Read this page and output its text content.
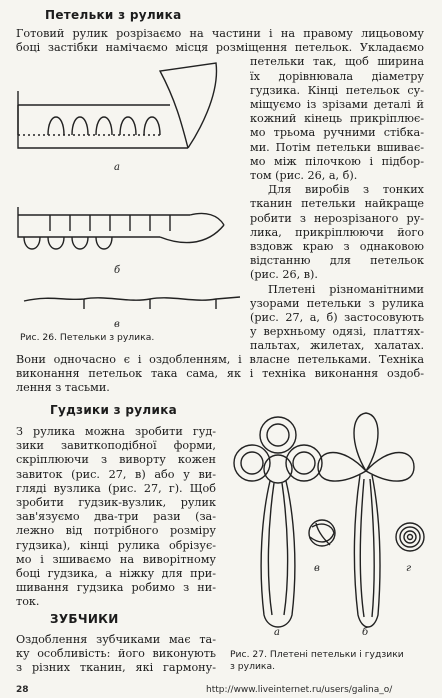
Петельки з рулика
Готовий рулик розрізаємо на частини і на правому лицьовому
боці застібки намічаємо місця розміщення петельок. Укладаємо
петельки так, щоб ширина
їх дорівнювала діаметру
гудзика. Кінці петельок су-
міщуємо із зрізами деталі й
кожний кінець прикріплює-
мо трьома ручними стібка-
ми. Потім петельки вшиває-
мо між пілочкою і підбор-
том (рис. 26, а, б).
Для виробів з тонких
тканин петельки найкраще
робити з нерозрізаного ру-
лика, прикріплюючи його
вздовж краю з однаковою
відстанню для петельок
(рис. 26, в).
Плетені різноманітними
узорами петельки з рулика
(рис. 27, а, б) застосовують
у верхньому одязі, платтях-
пальтах, жилетах, халатах.
а
б
в
Рис. 26. Петельки з рулика.
Вони одночасно є і оздобленням, і власне петельками. Техніка
виконання петельок така сама, як і техніка виконання оздоб-
лення з тасьми.
Гудзики з рулика
З рулика можна зробити гуд-
зики завиткоподібної форми,
скріплюючи з виворту кожен
завиток (рис. 27, в) або у ви-
гляді вузлика (рис. 27, г). Щоб
зробити гудзик-вузлик, рулик
зав'язуємо два-три рази (за-
лежно від потрібного розміру
гудзика), кінці рулика обрізує-
мо і зшиваємо на виворітному
боці гудзика, а ніжку для при-
шивання гудзика робимо з ни-
ток.
ЗУБЧИКИ
Оздоблення зубчиками має та-
ку особливість: його виконують
з різних тканин, які гармону-
в	г
а	б
Рис. 27. Плетені петельки і гудзики
з рулика.
28	http://www.liveinternet.ru/users/galina_o/
